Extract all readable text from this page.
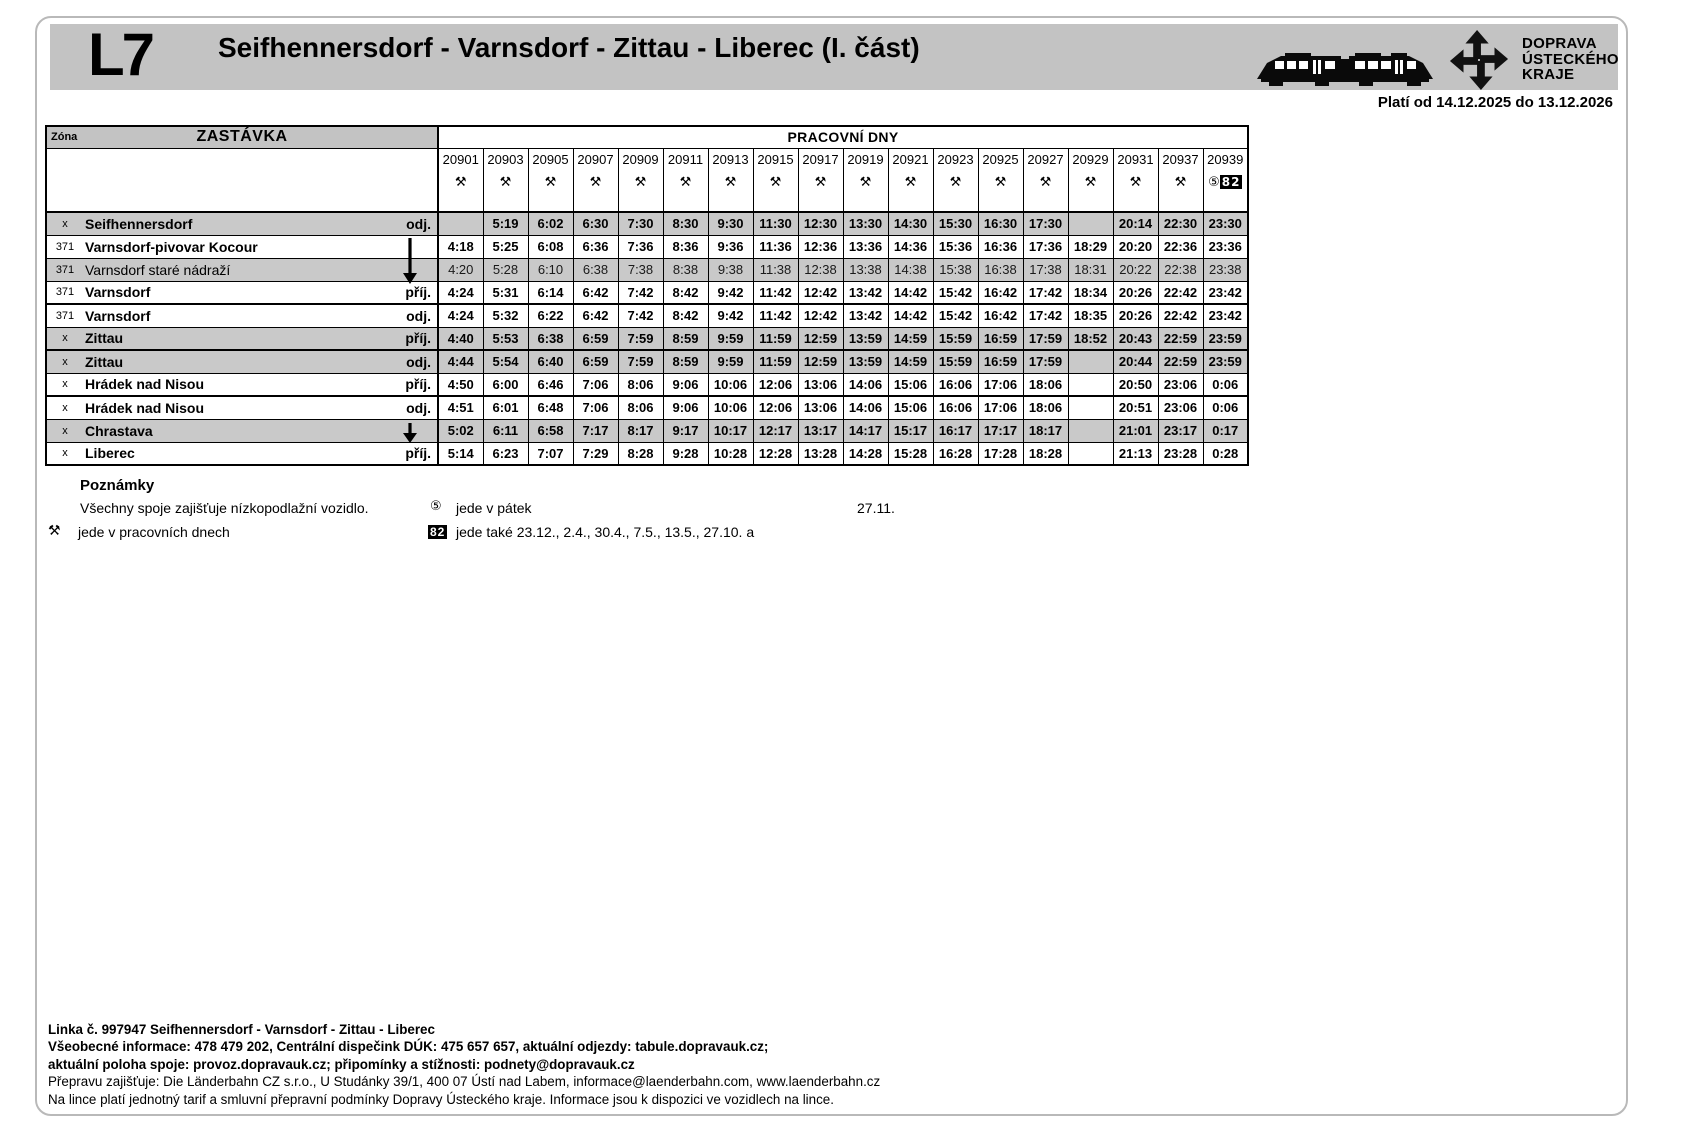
L7 Seifhennersdorf - Varnsdorf - Zittau - Liberec (I. část)	DOPRAVA
ÚSTECKÉHO
KRAJE
Platí od 14.12.2025 do 13.12.2026
Zóna ZASTÁVKA	PRACOVNÍ DNY																	
	20901	20903	20905	20907	20909	20911	20913	20915	20917	20919	20921	20923	20925	20927	20929	20931	20937	20939
	⚒	⚒	⚒	⚒	⚒	⚒	⚒	⚒	⚒	⚒	⚒	⚒	⚒	⚒	⚒	⚒	⚒	⑤ 82

x Seifhennersdorf odj.		5:19	6:02	6:30	7:30	8:30	9:30	11:30	12:30	13:30	14:30	15:30	16:30	17:30		20:14	22:30	23:30

371 Varnsdorf-pivovar Kocour	4:18	5:25	6:08	6:36	7:36	8:36	9:36	11:36	12:36	13:36	14:36	15:36	16:36	17:36	18:29	20:20	22:36	23:36

371 Varnsdorf staré nádraží	4:20	5:28	6:10	6:38	7:38	8:38	9:38	11:38	12:38	13:38	14:38	15:38	16:38	17:38	18:31	20:22	22:38	23:38

371 Varnsdorf příj.	4:24	5:31	6:14	6:42	7:42	8:42	9:42	11:42	12:42	13:42	14:42	15:42	16:42	17:42	18:34	20:26	22:42	23:42

371 Varnsdorf odj.	4:24	5:32	6:22	6:42	7:42	8:42	9:42	11:42	12:42	13:42	14:42	15:42	16:42	17:42	18:35	20:26	22:42	23:42

x Zittau příj.	4:40	5:53	6:38	6:59	7:59	8:59	9:59	11:59	12:59	13:59	14:59	15:59	16:59	17:59	18:52	20:43	22:59	23:59

x Zittau odj.	4:44	5:54	6:40	6:59	7:59	8:59	9:59	11:59	12:59	13:59	14:59	15:59	16:59	17:59		20:44	22:59	23:59

x Hrádek nad Nisou příj.	4:50	6:00	6:46	7:06	8:06	9:06	10:06	12:06	13:06	14:06	15:06	16:06	17:06	18:06		20:50	23:06	0:06

x Hrádek nad Nisou odj.	4:51	6:01	6:48	7:06	8:06	9:06	10:06	12:06	13:06	14:06	15:06	16:06	17:06	18:06		20:51	23:06	0:06

x Chrastava	5:02	6:11	6:58	7:17	8:17	9:17	10:17	12:17	13:17	14:17	15:17	16:17	17:17	18:17		21:01	23:17	0:17

x Liberec příj.	5:14	6:23	7:07	7:29	8:28	9:28	10:28	12:28	13:28	14:28	15:28	16:28	17:28	18:28		21:13	23:28	0:28
Poznámky
Všechny spoje zajišťuje nízkopodlažní vozidlo.	⑤ jede v pátek	27.11.
⚒ jede v pracovních dnech	82 jede také 23.12., 2.4., 30.4., 7.5., 13.5., 27.10. a
Linka č. 997947 Seifhennersdorf - Varnsdorf - Zittau - Liberec
Všeobecné informace: 478 479 202, Centrální dispečink DÚK: 475 657 657, aktuální odjezdy: tabule.dopravauk.cz;
aktuální poloha spoje: provoz.dopravauk.cz; připomínky a stížnosti: podnety@dopravauk.cz
Přepravu zajišťuje: Die Länderbahn CZ s.r.o., U Studánky 39/1, 400 07 Ústí nad Labem, informace@laenderbahn.com, www.laenderbahn.cz
Na lince platí jednotný tarif a smluvní přepravní podmínky Dopravy Ústeckého kraje. Informace jsou k dispozici ve vozidlech na lince.
